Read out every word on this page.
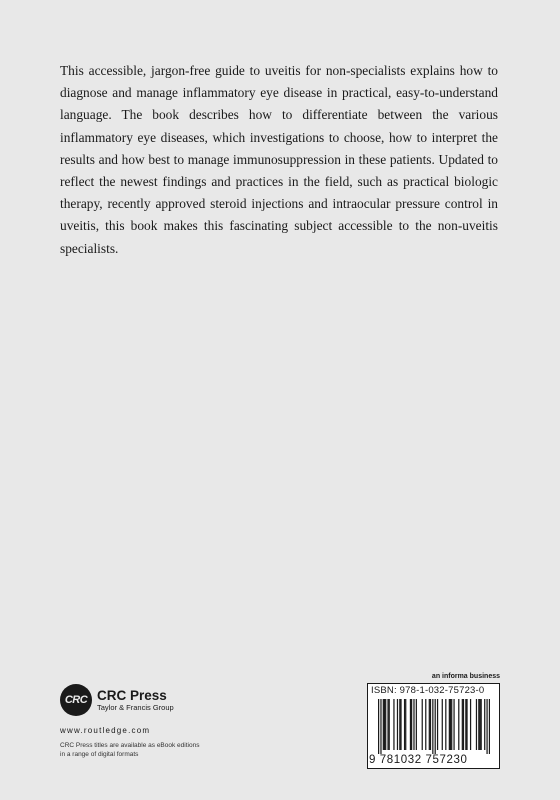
This accessible, jargon-free guide to uveitis for non-specialists explains how to diagnose and manage inflammatory eye disease in practical, easy-to-understand language. The book describes how to differentiate between the various inflammatory eye diseases, which investigations to choose, how to interpret the results and how best to manage immunosuppression in these patients. Updated to reflect the newest findings and practices in the field, such as practical biologic therapy, recently approved steroid injections and intraocular pressure control in uveitis, this book makes this fascinating subject accessible to the non-uveitis specialists.

an informa business
CRC CRC Press
Taylor & Francis Group
www.routledge.com
CRC Press titles are available as eBook editions
in a range of digital formats
ISBN: 978-1-032-75723-0
9 781032 757230
